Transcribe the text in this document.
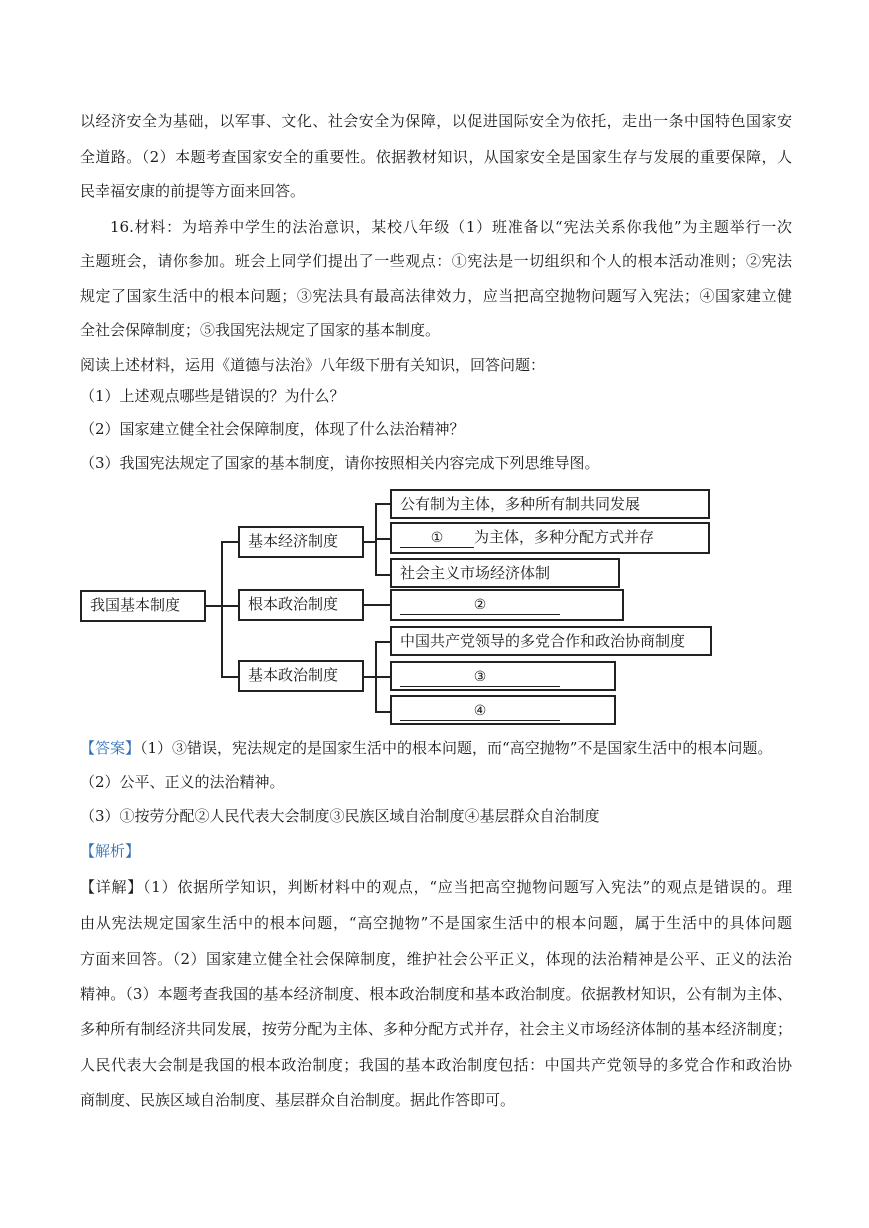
以经济安全为基础，以军事、文化、社会安全为保障，以促进国际安全为依托，走出一条中国特色国家安
全道路。（2）本题考查国家安全的重要性。依据教材知识，从国家安全是国家生存与发展的重要保障，人
民幸福安康的前提等方面来回答。
16.材料：为培养中学生的法治意识，某校八年级（1）班准备以“宪法关系你我他”为主题举行一次
主题班会，请你参加。班会上同学们提出了一些观点：①宪法是一切组织和个人的根本活动准则；②宪法
规定了国家生活中的根本问题；③宪法具有最高法律效力，应当把高空抛物问题写入宪法；④国家建立健
全社会保障制度；⑤我国宪法规定了国家的基本制度。
阅读上述材料，运用《道德与法治》八年级下册有关知识，回答问题：
（1）上述观点哪些是错误的？为什么？
（2）国家建立健全社会保障制度，体现了什么法治精神？
（3）我国宪法规定了国家的基本制度，请你按照相关内容完成下列思维导图。
我国基本制度
基本经济制度
根本政治制度
基本政治制度
公有制为主体，多种所有制共同发展
① 为主体，多种分配方式并存
社会主义市场经济体制
②
中国共产党领导的多党合作和政治协商制度
③
④
【答案】（1）③错误，宪法规定的是国家生活中的根本问题，而“高空抛物”不是国家生活中的根本问题。
（2）公平、正义的法治精神。
（3）①按劳分配②人民代表大会制度③民族区域自治制度④基层群众自治制度
【解析】
【详解】（1）依据所学知识，判断材料中的观点，“应当把高空抛物问题写入宪法”的观点是错误的。理
由从宪法规定国家生活中的根本问题，“高空抛物”不是国家生活中的根本问题，属于生活中的具体问题
方面来回答。（2）国家建立健全社会保障制度，维护社会公平正义，体现的法治精神是公平、正义的法治
精神。（3）本题考查我国的基本经济制度、根本政治制度和基本政治制度。依据教材知识，公有制为主体、
多种所有制经济共同发展，按劳分配为主体、多种分配方式并存，社会主义市场经济体制的基本经济制度；
人民代表大会制是我国的根本政治制度；我国的基本政治制度包括：中国共产党领导的多党合作和政治协
商制度、民族区域自治制度、基层群众自治制度。据此作答即可。
